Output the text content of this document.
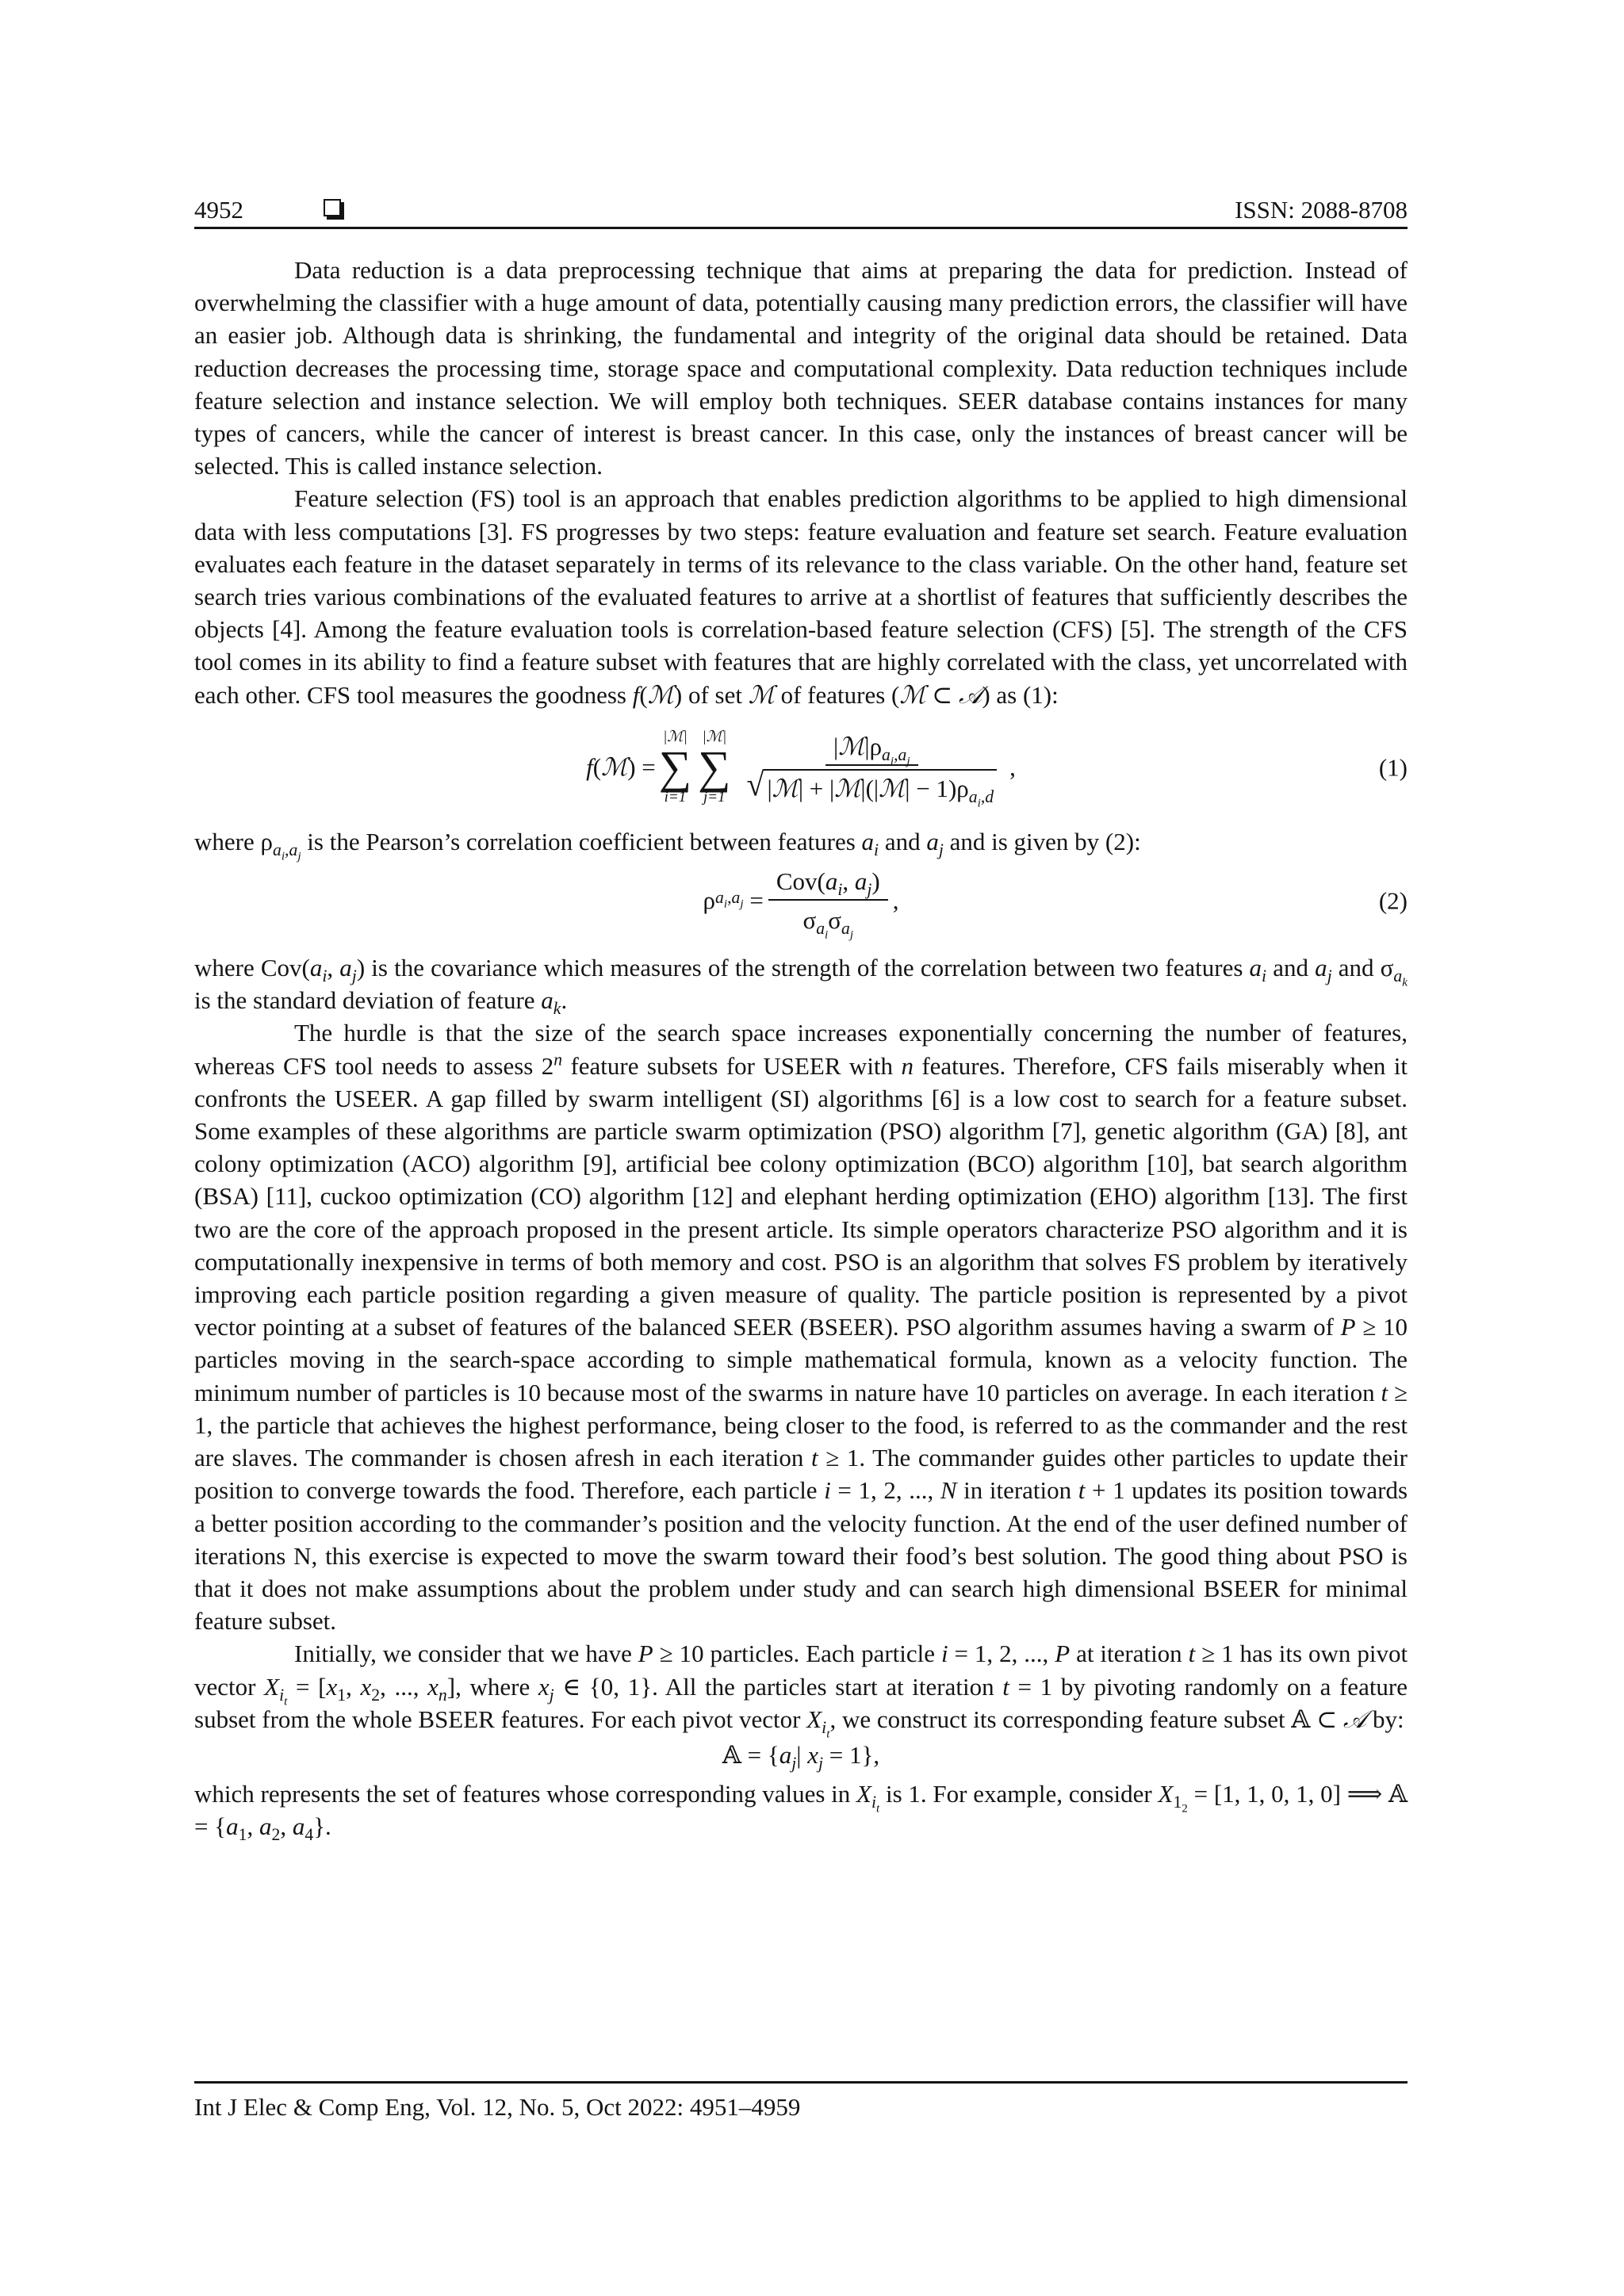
4952	ISSN: 2088-8708

Data reduction is a data preprocessing technique that aims at preparing the data for prediction. Instead of overwhelming the classifier with a huge amount of data, potentially causing many prediction errors, the classifier will have an easier job. Although data is shrinking, the fundamental and integrity of the original data should be retained. Data reduction decreases the processing time, storage space and computational complexity. Data reduction techniques include feature selection and instance selection. We will employ both techniques. SEER database contains instances for many types of cancers, while the cancer of interest is breast cancer. In this case, only the instances of breast cancer will be selected. This is called instance selection.

Feature selection (FS) tool is an approach that enables prediction algorithms to be applied to high dimensional data with less computations [3]. FS progresses by two steps: feature evaluation and feature set search. Feature evaluation evaluates each feature in the dataset separately in terms of its relevance to the class variable. On the other hand, feature set search tries various combinations of the evaluated features to arrive at a shortlist of features that sufficiently describes the objects [4]. Among the feature evaluation tools is correlation-based feature selection (CFS) [5]. The strength of the CFS tool comes in its ability to find a feature subset with features that are highly correlated with the class, yet uncorrelated with each other. CFS tool measures the goodness f(ℳ) of set ℳ of features (ℳ ⊂ 𝒜) as (1):

f ( ℳ ) =
|ℳ|
∑
i=1
|ℳ|
∑
$j=1 \frac{|ℳ|\rho_{a_i,a_j}}{√ |ℳ| + |ℳ|(|ℳ| - 1)\rho_{a_i,d}}$ ,	(1)

where $\rho_{a_i,a_j}$ is the Pearson’s correlation coefficient between features $a_i$ and $a_j$ and is given by (2):

ρ $a_i,a_j = \frac{Cov(a_i, a_j)}{\sigma_{a_i}\sigma_{a_j}}$ ,	(2)

where $Cov(a_i$, $a_j$) is the covariance which measures of the strength of the correlation between two features $a_i$ and $a_j$ and $\sigma_{a_k}$ is the standard deviation of feature $a_k$.

The hurdle is that the size of the search space increases exponentially concerning the number of features, whereas CFS tool needs to assess 2$^n$ feature subsets for USEER with n features. Therefore, CFS fails miserably when it confronts the USEER. A gap filled by swarm intelligent (SI) algorithms [6] is a low cost to search for a feature subset. Some examples of these algorithms are particle swarm optimization (PSO) algorithm [7], genetic algorithm (GA) [8], ant colony optimization (ACO) algorithm [9], artificial bee colony optimization (BCO) algorithm [10], bat search algorithm (BSA) [11], cuckoo optimization (CO) algorithm [12] and elephant herding optimization (EHO) algorithm [13]. The first two are the core of the approach proposed in the present article. Its simple operators characterize PSO algorithm and it is computationally inexpensive in terms of both memory and cost. PSO is an algorithm that solves FS problem by iteratively improving each particle position regarding a given measure of quality. The particle position is represented by a pivot vector pointing at a subset of features of the balanced SEER (BSEER). PSO algorithm assumes having a swarm of P ≥ 10 particles moving in the search-space according to simple mathematical formula, known as a velocity function. The minimum number of particles is 10 because most of the swarms in nature have 10 particles on average. In each iteration t ≥ 1, the particle that achieves the highest performance, being closer to the food, is referred to as the commander and the rest are slaves. The commander is chosen afresh in each iteration t ≥ 1. The commander guides other particles to update their position to converge towards the food. Therefore, each particle i = 1, 2, ..., N in iteration t + 1 updates its position towards a better position according to the commander’s position and the velocity function. At the end of the user defined number of iterations N, this exercise is expected to move the swarm toward their food’s best solution. The good thing about PSO is that it does not make assumptions about the problem under study and can search high dimensional BSEER for minimal feature subset.

Initially, we consider that we have P ≥ 10 particles. Each particle i = 1, 2, ..., P at iteration t ≥ 1 has its own pivot vector $X_{i_t} = [x_1$, $x_2$, ..., $x_n$], where $x_j$ ∈ {0, 1}. All the particles start at iteration t = 1 by pivoting randomly on a feature subset from the whole BSEER features. For each pivot vector $X_{i_t}$, we construct its corresponding feature subset 𝔸 ⊂ 𝒜 by:

𝔸 = {$a_j|$ $x_j = 1$},

which represents the set of features whose corresponding values in $X_{i_t}$ is 1. For example, consider $X_{1_2} = [1$, 1, 0, 1, 0] ⟹ 𝔸 = {$a_1$, $a_2$, $a_4$}.

Int J Elec & Comp Eng, Vol. 12, No. 5, Oct 2022: 4951–4959
